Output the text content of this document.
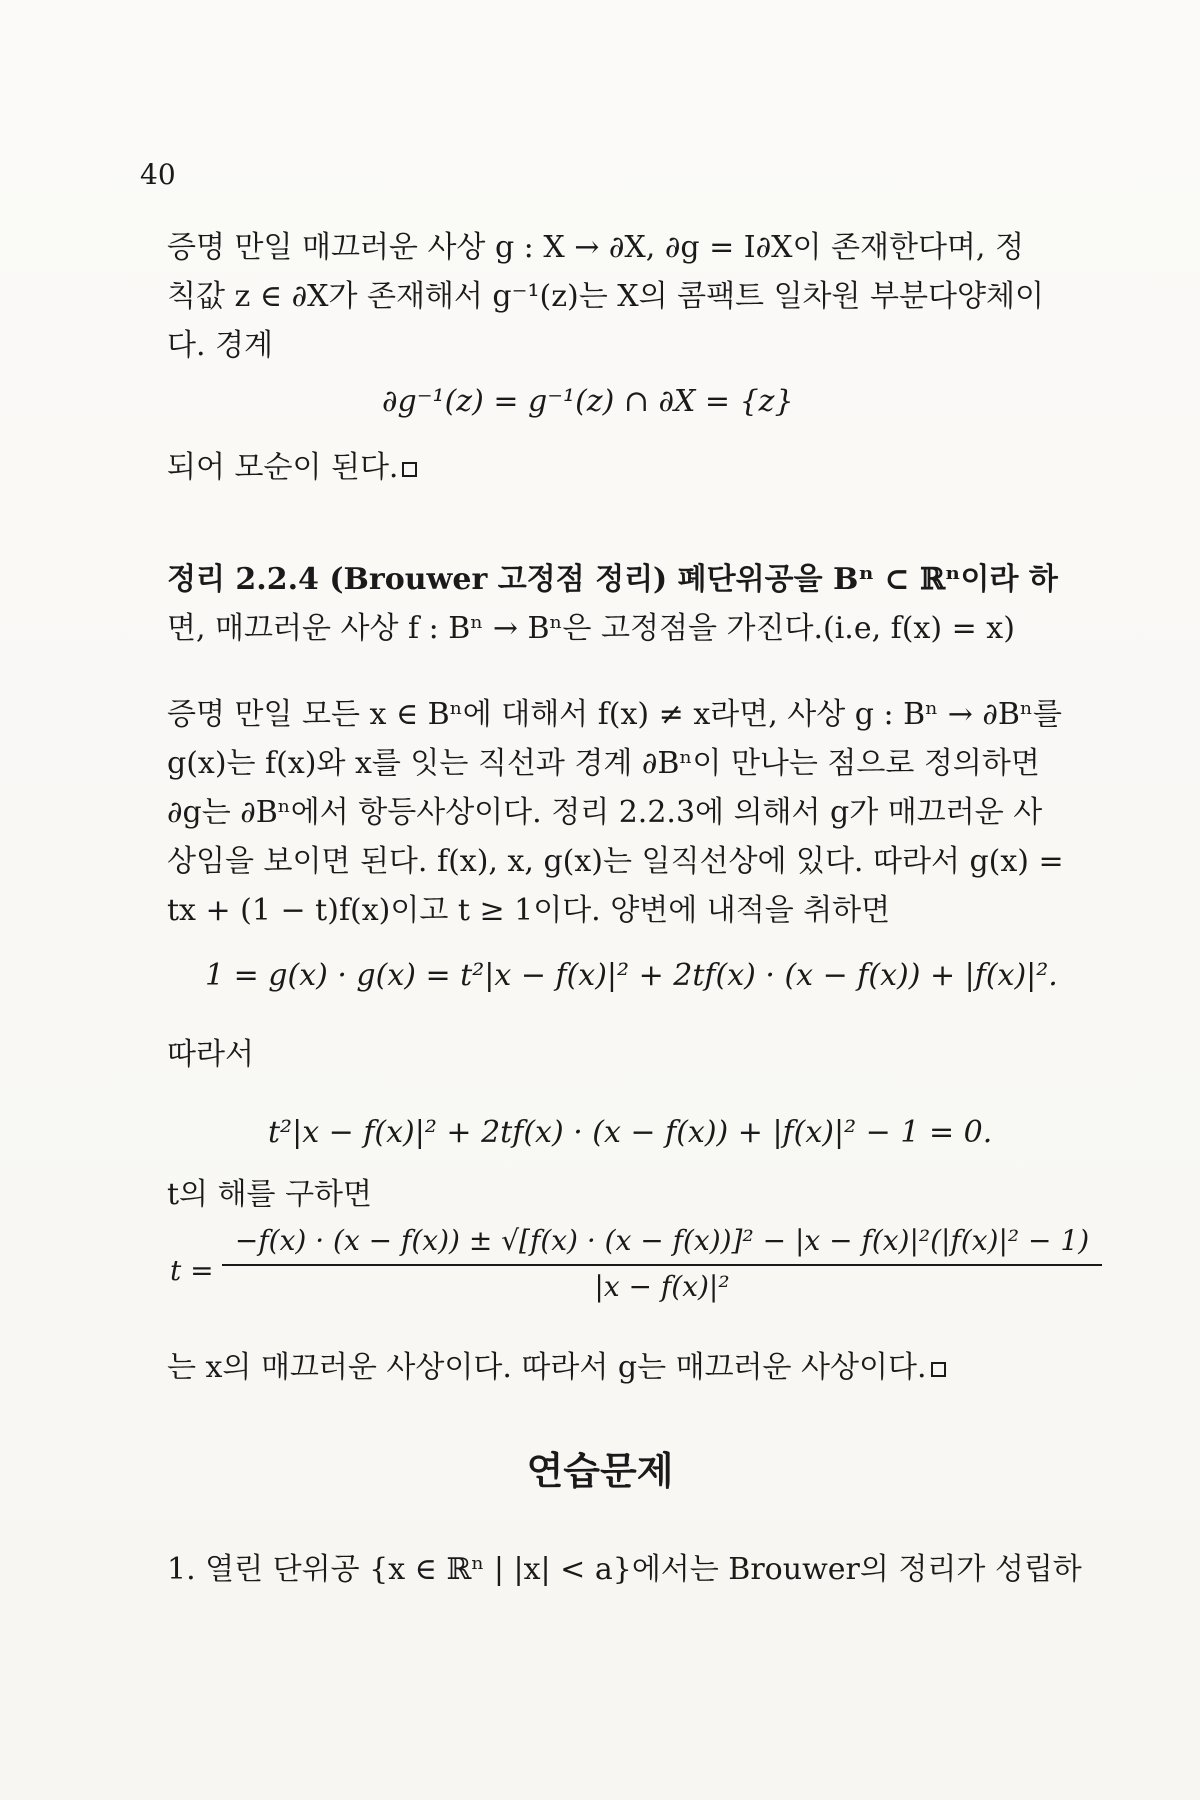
40
증명 만일 매끄러운 사상 g : X → ∂X, ∂g = I∂X이 존재한다며, 정
칙값 z ∈ ∂X가 존재해서 g⁻¹(z)는 X의 콤팩트 일차원 부분다양체이
다. 경계
∂g⁻¹(z) = g⁻¹(z) ∩ ∂X = {z}
되어 모순이 된다.
정리 2.2.4 (Brouwer 고정점 정리) 폐단위공을 Bⁿ ⊂ ℝⁿ이라 하
면, 매끄러운 사상 f : Bⁿ → Bⁿ은 고정점을 가진다.(i.e, f(x) = x)
증명 만일 모든 x ∈ Bⁿ에 대해서 f(x) ≠ x라면, 사상 g : Bⁿ → ∂Bⁿ를
g(x)는 f(x)와 x를 잇는 직선과 경계 ∂Bⁿ이 만나는 점으로 정의하면
∂g는 ∂Bⁿ에서 항등사상이다. 정리 2.2.3에 의해서 g가 매끄러운 사
상임을 보이면 된다. f(x), x, g(x)는 일직선상에 있다. 따라서 g(x) =
tx + (1 − t)f(x)이고 t ≥ 1이다. 양변에 내적을 취하면
1 = g(x) · g(x) = t²|x − f(x)|² + 2tf(x) · (x − f(x)) + |f(x)|².
따라서
t²|x − f(x)|² + 2tf(x) · (x − f(x)) + |f(x)|² − 1 = 0.
t의 해를 구하면
t =
−f(x) · (x − f(x)) ± √[f(x) · (x − f(x))]² − |x − f(x)|²(|f(x)|² − 1)
|x − f(x)|²
는 x의 매끄러운 사상이다. 따라서 g는 매끄러운 사상이다.
연습문제
1. 열린 단위공 {x ∈ ℝⁿ | |x| < a}에서는 Brouwer의 정리가 성립하
